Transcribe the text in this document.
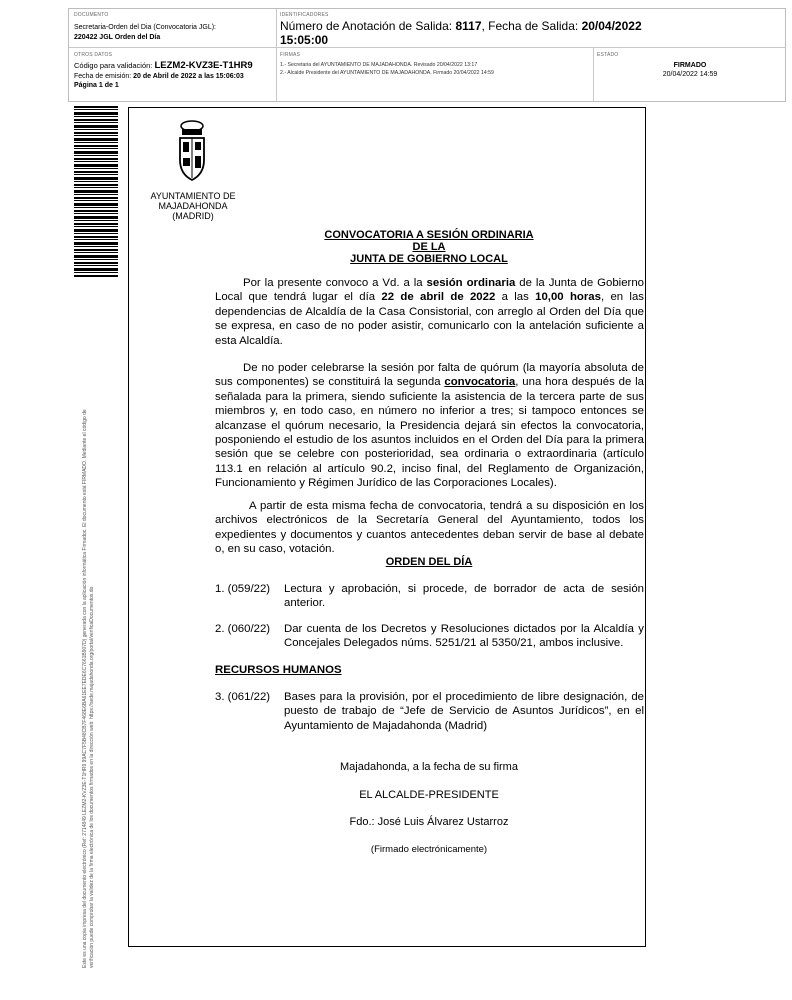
DOCUMENTO
Secretaria-Orden del Dia (Convocatoria JGL):
220422 JGL Orden del Día
IDENTIFICADORES
Número de Anotación de Salida: 8117, Fecha de Salida: 20/04/2022
15:05:00
OTROS DATOS
Código para validación: LEZM2-KVZ3E-T1HR9
Fecha de emisión: 20 de Abril de 2022 a las 15:06:03
Página 1 de 1
FIRMAS
1.- Secretaria del AYUNTAMIENTO DE MAJADAHONDA. Revisado 20/04/2022 13:17
2.- Alcalde Presidente del AYUNTAMIENTO DE MAJADAHONDA. Firmado 20/04/2022 14:59
ESTADO
FIRMADO
20/04/2022 14:59
Este es una copia impresa del documento electrónico (Ref: 2714849 LEZM2-KVZ3E-T1HR9 99AC7F5B48CB7F468E6BA61EE7EDE6C7661B907D) generada con la aplicación informática Firmadoc. El documento está FIRMADO. Mediante el código de verificación puede comprobar la validez de la firma electrónica de los documentos firmados en la dirección web: https://sede.majadahonda.org/portal/verificaDocumentos.do
AYUNTAMIENTO DE
MAJADAHONDA
(MADRID)
CONVOCATORIA A SESIÓN ORDINARIA
DE LA
JUNTA DE GOBIERNO LOCAL
Por la presente convoco a Vd. a la sesión ordinaria de la Junta de Gobierno Local que tendrá lugar el día 22 de abril de 2022 a las 10,00 horas, en las dependencias de Alcaldía de la Casa Consistorial, con arreglo al Orden del Día que se expresa, en caso de no poder asistir, comunicarlo con la antelación suficiente a esta Alcaldía.
De no poder celebrarse la sesión por falta de quórum (la mayoría absoluta de sus componentes) se constituirá la segunda convocatoria, una hora después de la señalada para la primera, siendo suficiente la asistencia de la tercera parte de sus miembros y, en todo caso, en número no inferior a tres; si tampoco entonces se alcanzase el quórum necesario, la Presidencia dejará sin efectos la convocatoria, posponiendo el estudio de los asuntos incluidos en el Orden del Día para la primera sesión que se celebre con posterioridad, sea ordinaria o extraordinaria (artículo 113.1 en relación al artículo 90.2, inciso final, del Reglamento de Organización, Funcionamiento y Régimen Jurídico de las Corporaciones Locales).
A partir de esta misma fecha de convocatoria, tendrá a su disposición en los archivos electrónicos de la Secretaría General del Ayuntamiento, todos los expedientes y documentos y cuantos antecedentes deban servir de base al debate o, en su caso, votación.
ORDEN DEL DÍA
1. (059/22) Lectura y aprobación, si procede, de borrador de acta de sesión anterior.
2. (060/22) Dar cuenta de los Decretos y Resoluciones dictados por la Alcaldía y Concejales Delegados núms. 5251/21 al 5350/21, ambos inclusive.
RECURSOS HUMANOS
3. (061/22) Bases para la provisión, por el procedimiento de libre designación, de puesto de trabajo de “Jefe de Servicio de Asuntos Jurídicos”, en el Ayuntamiento de Majadahonda (Madrid)
Majadahonda, a la fecha de su firma
EL ALCALDE-PRESIDENTE
Fdo.: José Luis Álvarez Ustarroz
(Firmado electrónicamente)
